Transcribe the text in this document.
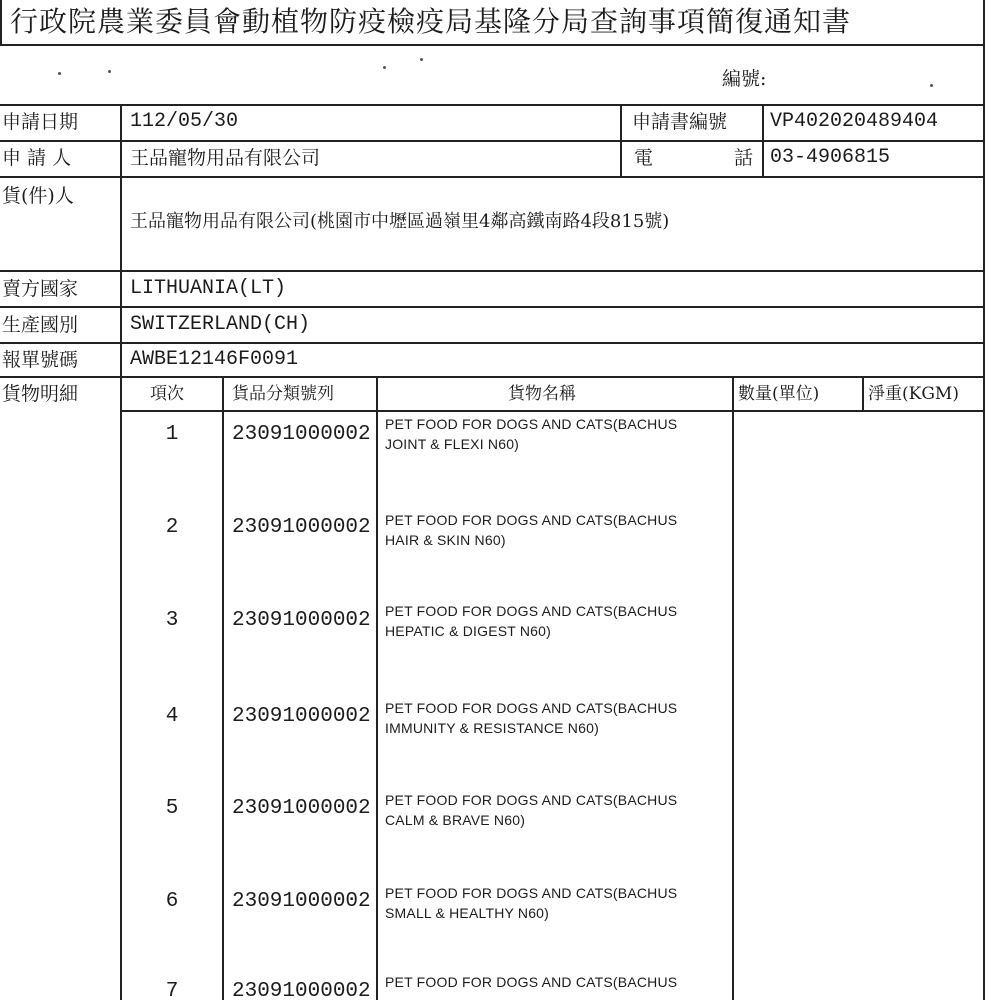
行政院農業委員會動植物防疫檢疫局基隆分局查詢事項簡復通知書
編號:
申請日期	112/05/30	申請書編號 VP402020489404
申 請 人	王品寵物用品有限公司	電	話 03-4906815
貨(件)人
王品寵物用品有限公司(桃園市中壢區過嶺里4鄰高鐵南路4段815號)
賣方國家	LITHUANIA(LT)
生產國別	SWITZERLAND(CH)
報單號碼	AWBE12146F0091
貨物明細	項次	貨品分類號列	貨物名稱	數量(單位)	淨重(KGM)
1	23091000002 PET FOOD FOR DOGS AND CATS(BACHUS
JOINT & FLEXI N60)
2	23091000002 PET FOOD FOR DOGS AND CATS(BACHUS
HAIR & SKIN N60)
3	23091000002 PET FOOD FOR DOGS AND CATS(BACHUS
HEPATIC & DIGEST N60)
4	23091000002 PET FOOD FOR DOGS AND CATS(BACHUS
IMMUNITY & RESISTANCE N60)
5	23091000002 PET FOOD FOR DOGS AND CATS(BACHUS
CALM & BRAVE N60)
6	23091000002 PET FOOD FOR DOGS AND CATS(BACHUS
SMALL & HEALTHY N60)
7	23091000002 PET FOOD FOR DOGS AND CATS(BACHUS
